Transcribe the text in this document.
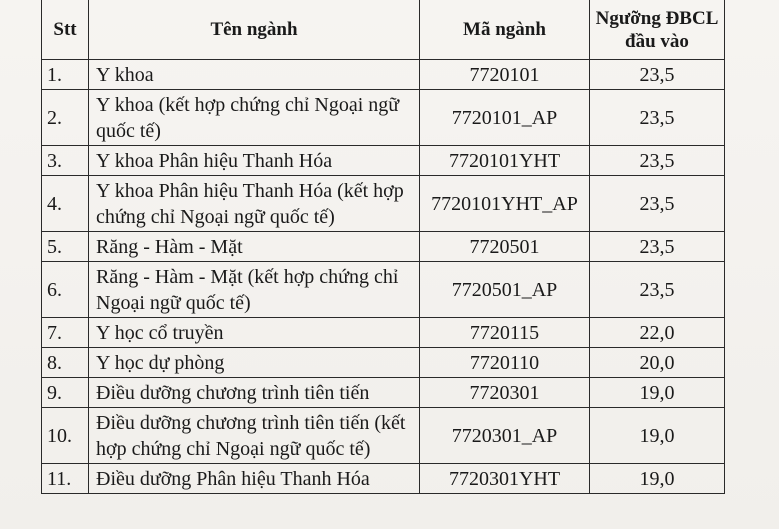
Stt	Tên ngành	Mã ngành	Ngưỡng ĐBCL
đầu vào
1.	Y khoa	7720101	23,5
2.	Y khoa (kết hợp chứng chỉ Ngoại ngữ quốc tế)	7720101_AP	23,5
3.	Y khoa Phân hiệu Thanh Hóa	7720101YHT	23,5
4.	Y khoa Phân hiệu Thanh Hóa (kết hợp chứng chỉ Ngoại ngữ quốc tế)	7720101YHT_AP	23,5
5.	Răng - Hàm - Mặt	7720501	23,5
6.	Răng - Hàm - Mặt (kết hợp chứng chỉ Ngoại ngữ quốc tế)	7720501_AP	23,5
7.	Y học cổ truyền	7720115	22,0
8.	Y học dự phòng	7720110	20,0
9.	Điều dưỡng chương trình tiên tiến	7720301	19,0
10.	Điều dưỡng chương trình tiên tiến (kết hợp chứng chỉ Ngoại ngữ quốc tế)	7720301_AP	19,0
11.	Điều dưỡng Phân hiệu Thanh Hóa	7720301YHT	19,0
